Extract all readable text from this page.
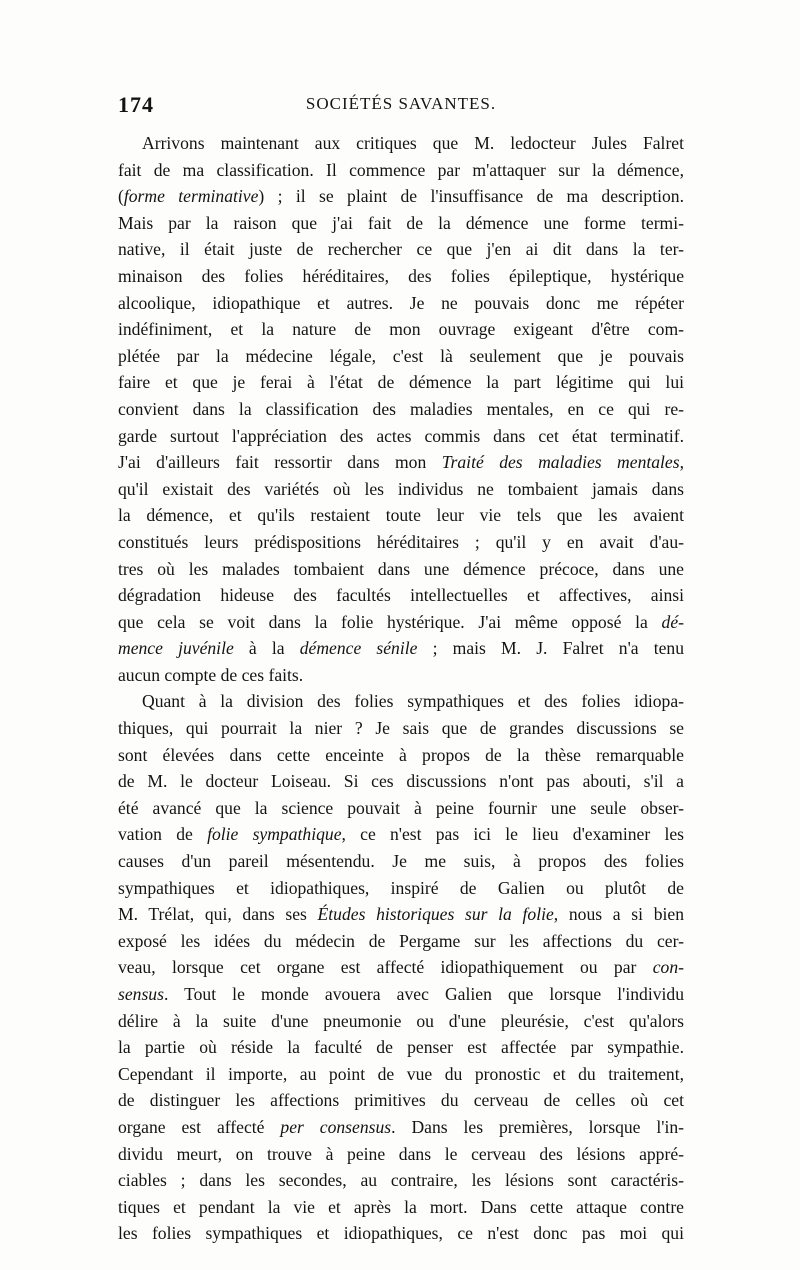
174	SOCIÉTÉS SAVANTES.
Arrivons maintenant aux critiques que M. ledocteur Jules Falret
fait de ma classification. Il commence par m'attaquer sur la démence,
(forme terminative) ; il se plaint de l'insuffisance de ma description.
Mais par la raison que j'ai fait de la démence une forme termi-
native, il était juste de rechercher ce que j'en ai dit dans la ter-
minaison des folies héréditaires, des folies épileptique, hystérique
alcoolique, idiopathique et autres. Je ne pouvais donc me répéter
indéfiniment, et la nature de mon ouvrage exigeant d'être com-
plétée par la médecine légale, c'est là seulement que je pouvais
faire et que je ferai à l'état de démence la part légitime qui lui
convient dans la classification des maladies mentales, en ce qui re-
garde surtout l'appréciation des actes commis dans cet état terminatif.
J'ai d'ailleurs fait ressortir dans mon Traité des maladies mentales,
qu'il existait des variétés où les individus ne tombaient jamais dans
la démence, et qu'ils restaient toute leur vie tels que les avaient
constitués leurs prédispositions héréditaires ; qu'il y en avait d'au-
tres où les malades tombaient dans une démence précoce, dans une
dégradation hideuse des facultés intellectuelles et affectives, ainsi
que cela se voit dans la folie hystérique. J'ai même opposé la dé-
mence juvénile à la démence sénile ; mais M. J. Falret n'a tenu
aucun compte de ces faits.
Quant à la division des folies sympathiques et des folies idiopa-
thiques, qui pourrait la nier ? Je sais que de grandes discussions se
sont élevées dans cette enceinte à propos de la thèse remarquable
de M. le docteur Loiseau. Si ces discussions n'ont pas abouti, s'il a
été avancé que la science pouvait à peine fournir une seule obser-
vation de folie sympathique, ce n'est pas ici le lieu d'examiner les
causes d'un pareil mésentendu. Je me suis, à propos des folies
sympathiques et idiopathiques, inspiré de Galien ou plutôt de
M. Trélat, qui, dans ses Études historiques sur la folie, nous a si bien
exposé les idées du médecin de Pergame sur les affections du cer-
veau, lorsque cet organe est affecté idiopathiquement ou par con-
sensus. Tout le monde avouera avec Galien que lorsque l'individu
délire à la suite d'une pneumonie ou d'une pleurésie, c'est qu'alors
la partie où réside la faculté de penser est affectée par sympathie.
Cependant il importe, au point de vue du pronostic et du traitement,
de distinguer les affections primitives du cerveau de celles où cet
organe est affecté per consensus. Dans les premières, lorsque l'in-
dividu meurt, on trouve à peine dans le cerveau des lésions appré-
ciables ; dans les secondes, au contraire, les lésions sont caractéris-
tiques et pendant la vie et après la mort. Dans cette attaque contre
les folies sympathiques et idiopathiques, ce n'est donc pas moi qui
